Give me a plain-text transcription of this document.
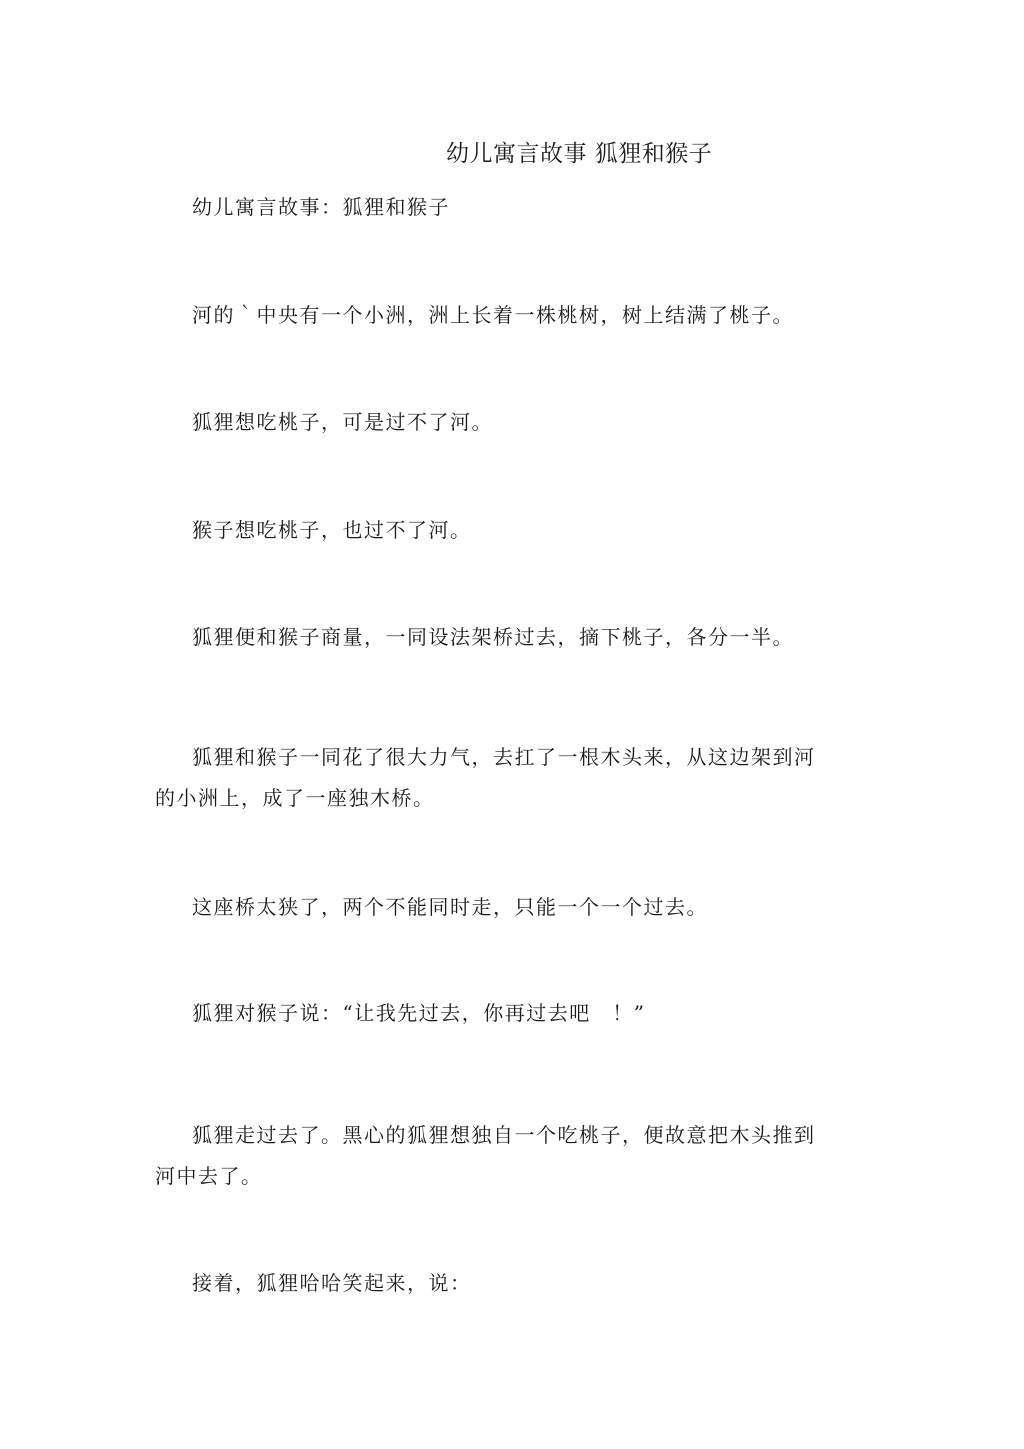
幼儿寓言故事 狐狸和猴子

幼儿寓言故事：狐狸和猴子

河的｀中央有一个小洲，洲上长着一株桃树，树上结满了桃子。

狐狸想吃桃子，可是过不了河。

猴子想吃桃子，也过不了河。

狐狸便和猴子商量，一同设法架桥过去，摘下桃子，各分一半。

狐狸和猴子一同花了很大力气，去扛了一根木头来，从这边架到河的小洲上，成了一座独木桥。

这座桥太狭了，两个不能同时走，只能一个一个过去。

狐狸对猴子说：“让我先过去，你再过去吧　！”

狐狸走过去了。黑心的狐狸想独自一个吃桃子，便故意把木头推到河中去了。

接着，狐狸哈哈笑起来，说：
